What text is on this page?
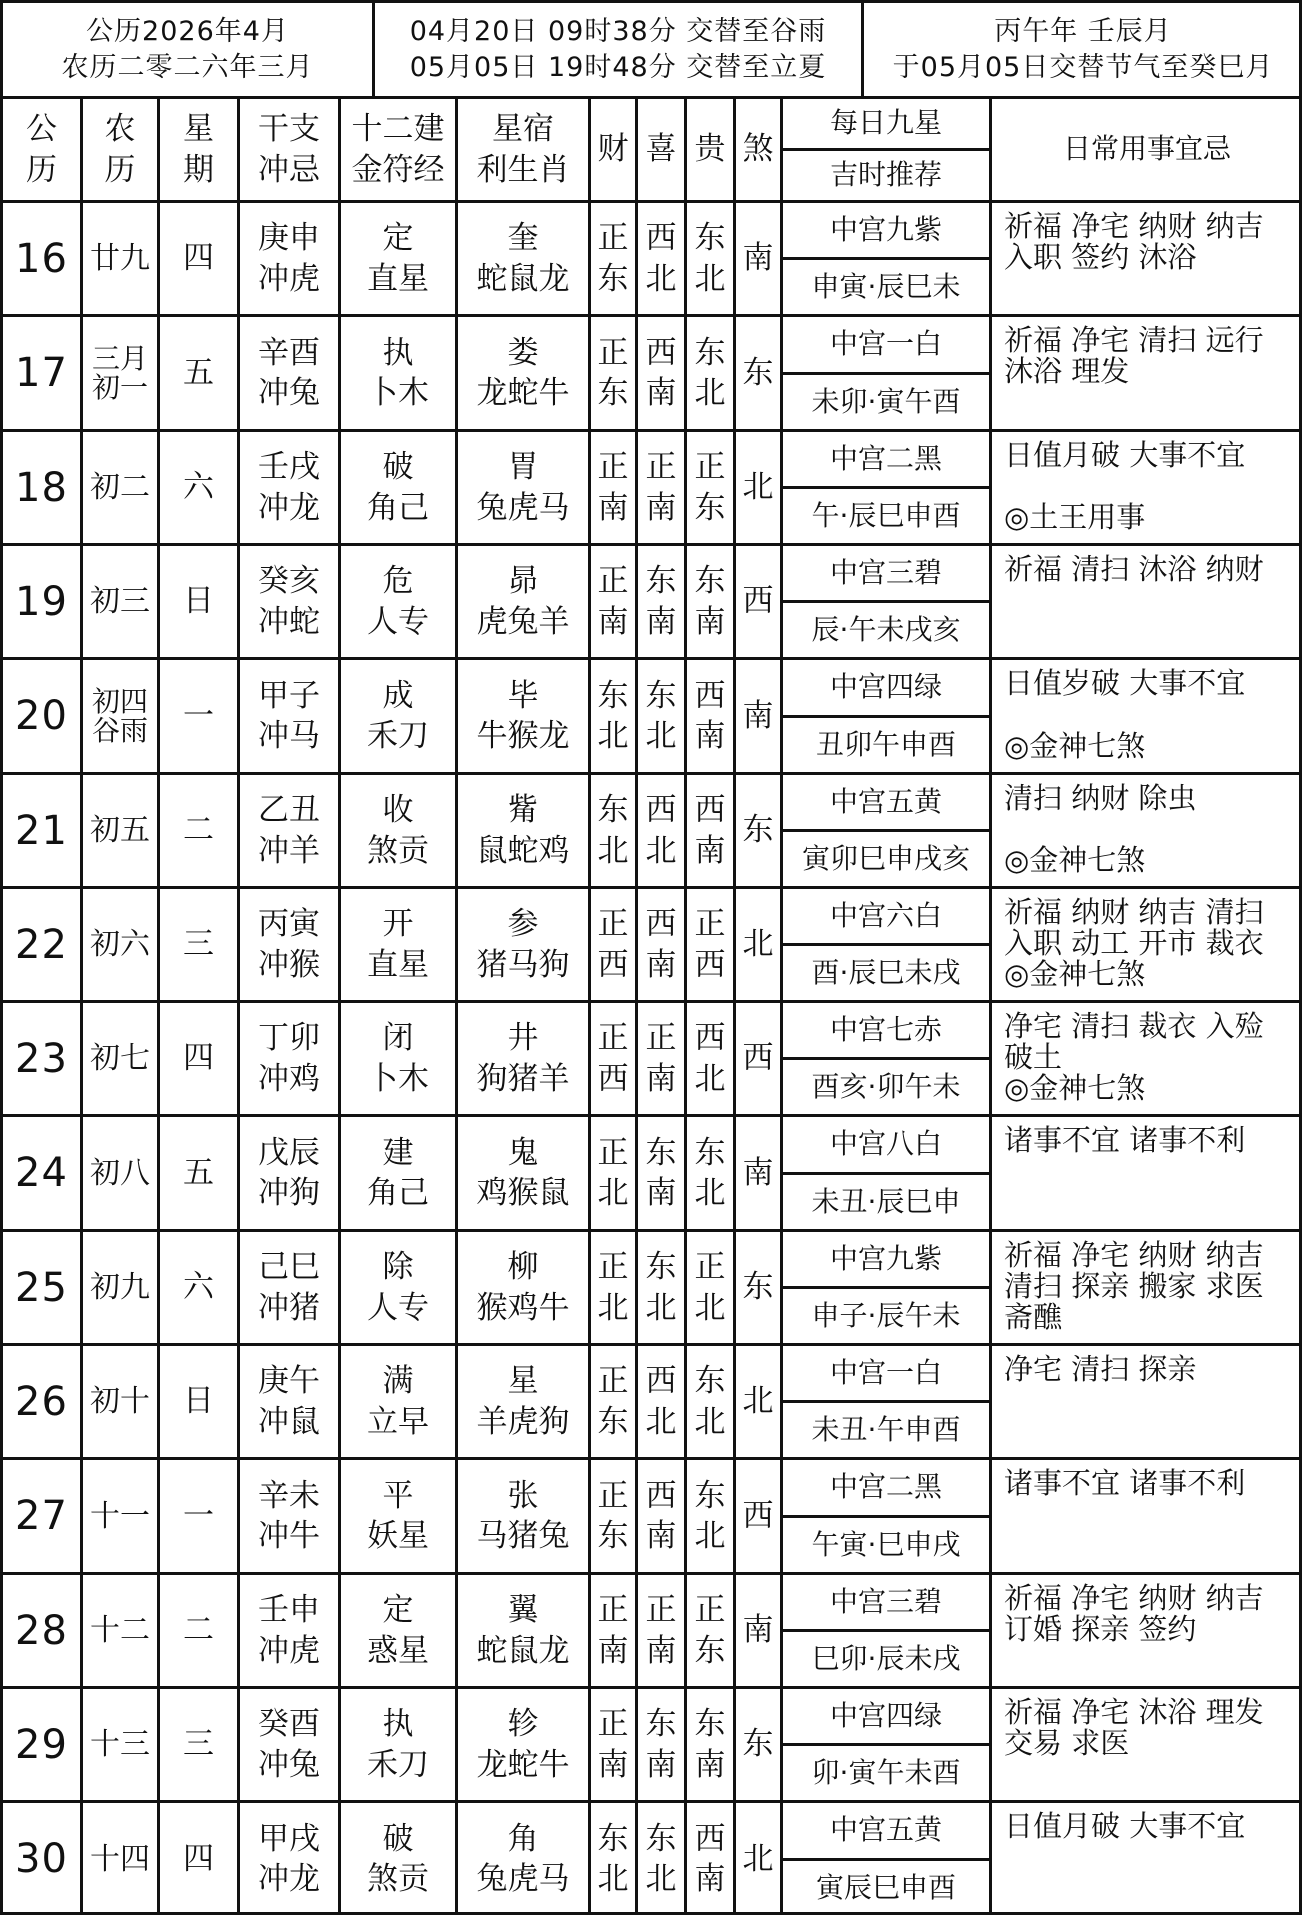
公历2026年4月
农历二零二六年三月
04月20日 09时38分 交替至谷雨
05月05日 19时48分 交替至立夏
丙午年 壬辰月
于05月05日交替节气至癸巳月
公
历
农
历
星
期
干支
冲忌
十二建
金符经
星宿
利生肖
财 喜 贵 煞
每日九星
吉时推荐
日常用事宜忌
16 廿九 四
庚申
冲虎
定
直星
奎
蛇鼠龙
正
东
西
北
东
北
南
中宫九紫
申寅·辰巳未
祈福 净宅 纳财 纳吉
入职 签约 沐浴
17 三月
初一 五
辛酉
冲兔
执
卜木
娄
龙蛇牛
正
东
西
南
东
北
东
中宫一白
未卯·寅午酉
祈福 净宅 清扫 远行
沐浴 理发
18 初二 六
壬戌
冲龙
破
角己
胃
兔虎马
正
南
正
南
正
东
北
中宫二黑
午·辰巳申酉
日值月破 大事不宜
◎土王用事
19 初三 日
癸亥
冲蛇
危
人专
昴
虎兔羊
正
南
东
南
东
南
西
中宫三碧
辰·午未戌亥
祈福 清扫 沐浴 纳财
20 初四
谷雨 一
甲子
冲马
成
禾刀
毕
牛猴龙
东
北
东
北
西
南
南
中宫四绿
丑卯午申酉
日值岁破 大事不宜
◎金神七煞
21 初五 二
乙丑
冲羊
收
煞贡
觜
鼠蛇鸡
东
北
西
北
西
南
东
中宫五黄
寅卯巳申戌亥
清扫 纳财 除虫
◎金神七煞
22 初六 三
丙寅
冲猴
开
直星
参
猪马狗
正
西
西
南
正
西
北
中宫六白
酉·辰巳未戌
祈福 纳财 纳吉 清扫
入职 动工 开市 裁衣
◎金神七煞
23 初七 四
丁卯
冲鸡
闭
卜木
井
狗猪羊
正
西
正
南
西
北
西
中宫七赤
酉亥·卯午未
净宅 清扫 裁衣 入殓
破土
◎金神七煞
24 初八 五
戊辰
冲狗
建
角己
鬼
鸡猴鼠
正
北
东
南
东
北
南
中宫八白
未丑·辰巳申
诸事不宜 诸事不利
25 初九 六
己巳
冲猪
除
人专
柳
猴鸡牛
正
北
东
北
正
北
东
中宫九紫
申子·辰午未
祈福 净宅 纳财 纳吉
清扫 探亲 搬家 求医
斋醮
26 初十 日
庚午
冲鼠
满
立早
星
羊虎狗
正
东
西
北
东
北
北
中宫一白
未丑·午申酉
净宅 清扫 探亲
27 十一 一
辛未
冲牛
平
妖星
张
马猪兔
正
东
西
南
东
北
西
中宫二黑
午寅·巳申戌
诸事不宜 诸事不利
28 十二 二
壬申
冲虎
定
惑星
翼
蛇鼠龙
正
南
正
南
正
东
南
中宫三碧
巳卯·辰未戌
祈福 净宅 纳财 纳吉
订婚 探亲 签约
29 十三 三
癸酉
冲兔
执
禾刀
轸
龙蛇牛
正
南
东
南
东
南
东
中宫四绿
卯·寅午未酉
祈福 净宅 沐浴 理发
交易 求医
30 十四 四
甲戌
冲龙
破
煞贡
角
兔虎马
东
北
东
北
西
南
北
中宫五黄
寅辰巳申酉
日值月破 大事不宜
